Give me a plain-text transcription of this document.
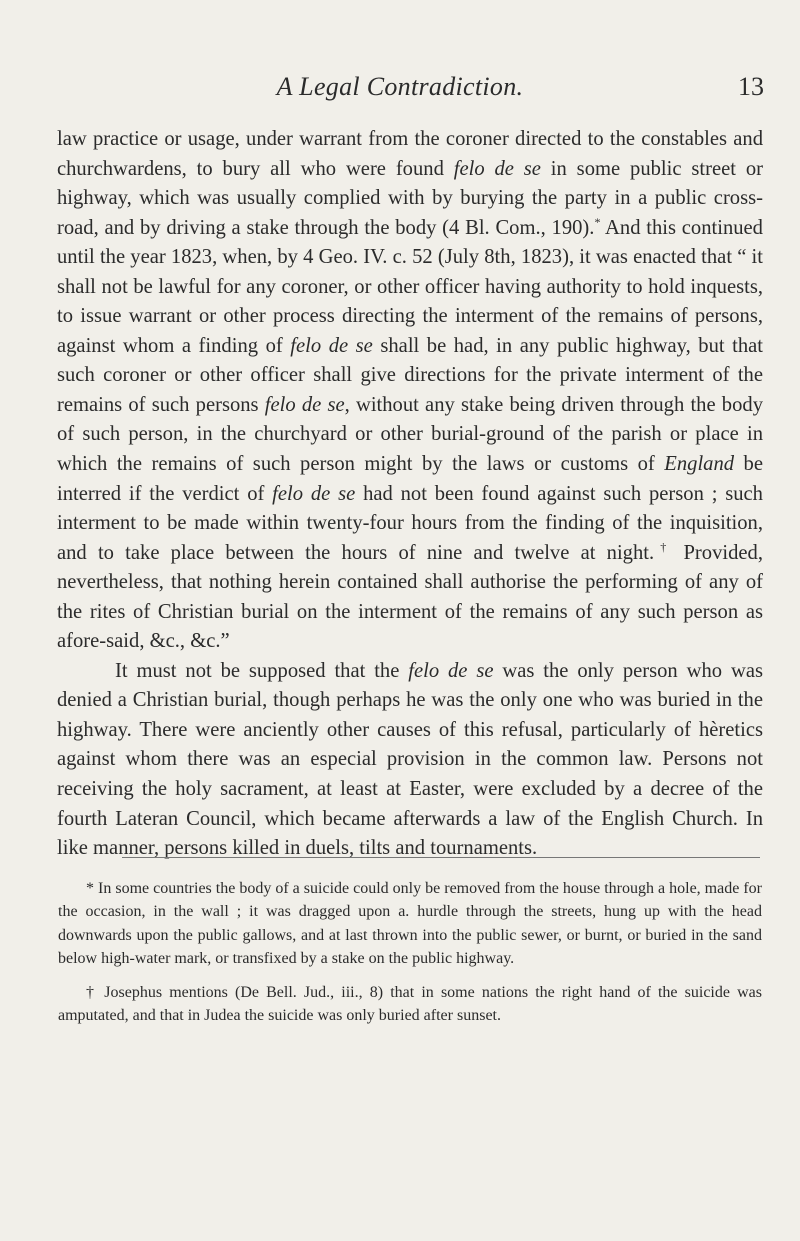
A Legal Contradiction.	13

law practice or usage, under warrant from the coroner directed to the constables and churchwardens, to bury all who were found felo de se in some public street or highway, which was usually complied with by burying the party in a public cross-road, and by driving a stake through the body (4 Bl. Com., 190).* And this continued until the year 1823, when, by 4 Geo. IV. c. 52 (July 8th, 1823), it was enacted that “ it shall not be lawful for any coroner, or other officer having authority to hold inquests, to issue warrant or other process directing the interment of the remains of persons, against whom a finding of felo de se shall be had, in any public highway, but that such coroner or other officer shall give directions for the private interment of the remains of such persons felo de se, without any stake being driven through the body of such person, in the churchyard or other burial-ground of the parish or place in which the remains of such person might by the laws or customs of England be interred if the verdict of felo de se had not been found against such person ; such interment to be made within twenty-four hours from the finding of the inquisition, and to take place between the hours of nine and twelve at night.† Provided, nevertheless, that nothing herein contained shall authorise the performing of any of the rites of Christian burial on the interment of the remains of any such person as afore-said, &c., &c.”

It must not be supposed that the felo de se was the only person who was denied a Christian burial, though perhaps he was the only one who was buried in the highway. There were anciently other causes of this refusal, particularly of hèretics against whom there was an especial provision in the common law. Persons not receiving the holy sacrament, at least at Easter, were excluded by a decree of the fourth Lateran Council, which became afterwards a law of the English Church. In like manner, persons killed in duels, tilts and tournaments.

* In some countries the body of a suicide could only be removed from the house through a hole, made for the occasion, in the wall ; it was dragged upon a. hurdle through the streets, hung up with the head downwards upon the public gallows, and at last thrown into the public sewer, or burnt, or buried in the sand below high-water mark, or transfixed by a stake on the public highway.

† Josephus mentions (De Bell. Jud., iii., 8) that in some nations the right hand of the suicide was amputated, and that in Judea the suicide was only buried after sunset.
